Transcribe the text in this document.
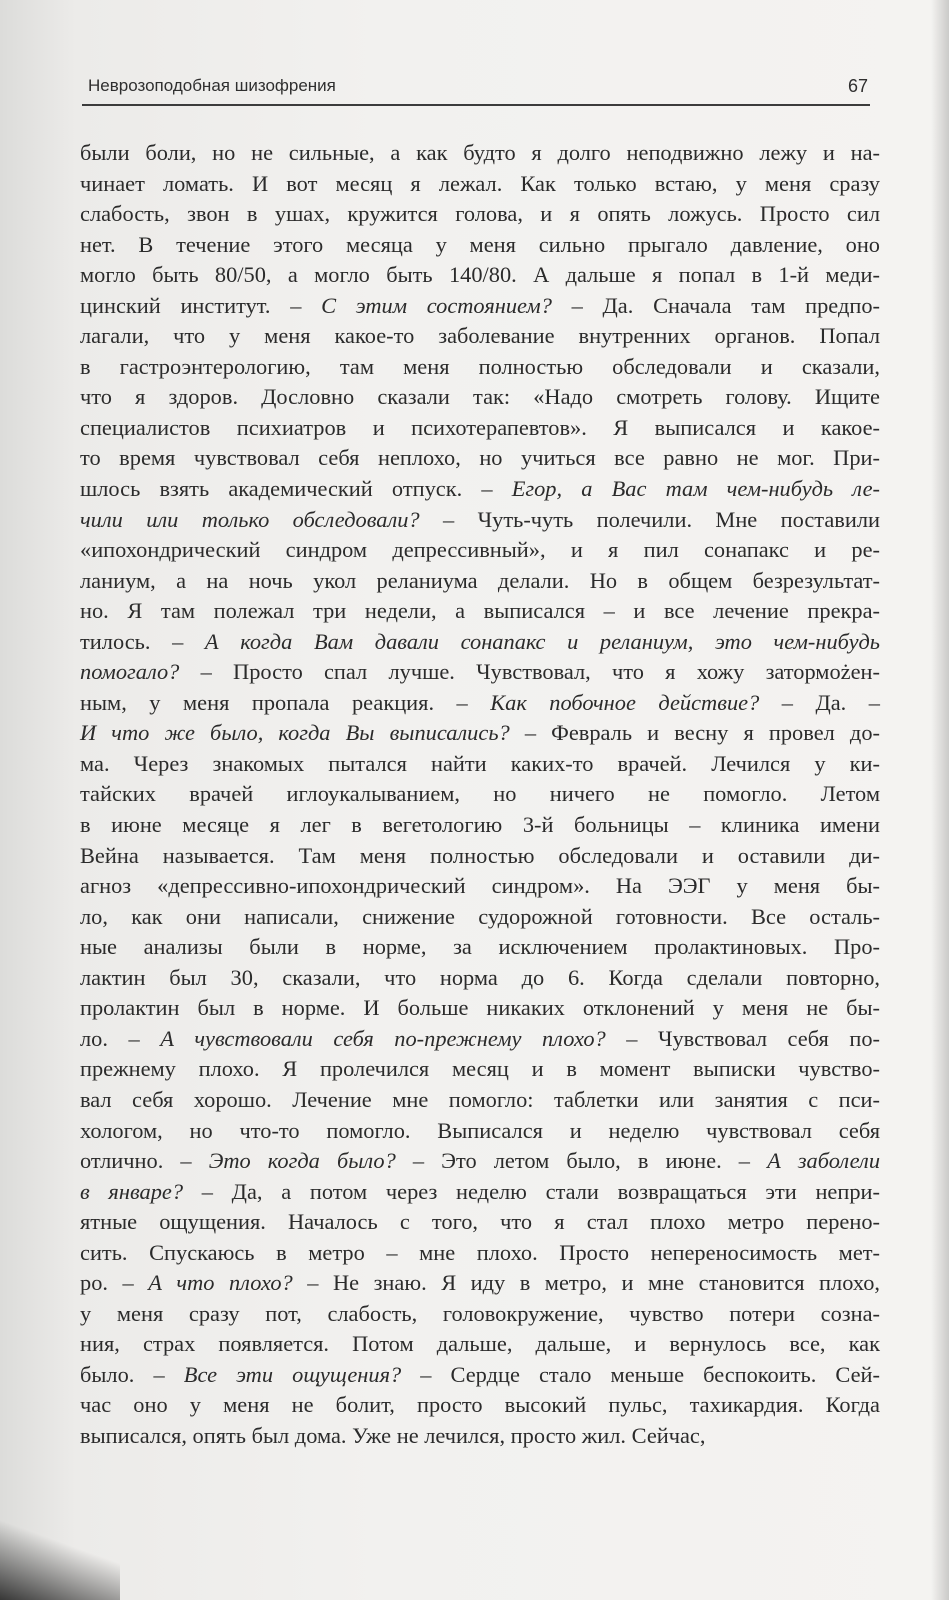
Неврозоподобная шизофрения	67
были боли, но не сильные, а как будто я долго неподвижно лежу и на-
чинает ломать. И вот месяц я лежал. Как только встаю, у меня сразу
слабость, звон в ушах, кружится голова, и я опять ложусь. Просто сил
нет. В течение этого месяца у меня сильно прыгало давление, оно
могло быть 80/50, а могло быть 140/80. А дальше я попал в 1-й меди-
цинский институт. – С этим состоянием? – Да. Сначала там предпо-
лагали, что у меня какое-то заболевание внутренних органов. Попал
в гастроэнтерологию, там меня полностью обследовали и сказали,
что я здоров. Дословно сказали так: «Надо смотреть голову. Ищите
специалистов психиатров и психотерапевтов». Я выписался и какое-
то время чувствовал себя неплохо, но учиться все равно не мог. При-
шлось взять академический отпуск. – Егор, а Вас там чем-нибудь ле-
чили или только обследовали? – Чуть-чуть полечили. Мне поставили
«ипохондрический синдром депрессивный», и я пил сонапакс и ре-
ланиум, а на ночь укол реланиума делали. Но в общем безрезультат-
но. Я там полежал три недели, а выписался – и все лечение прекра-
тилось. – А когда Вам давали сонапакс и реланиум, это чем-нибудь
помогало? – Просто спал лучше. Чувствовал, что я хожу затормożен-
ным, у меня пропала реакция. – Как побочное действие? – Да. –
И что же было, когда Вы выписались? – Февраль и весну я провел до-
ма. Через знакомых пытался найти каких-то врачей. Лечился у ки-
тайских врачей иглоукалыванием, но ничего не помогло. Летом
в июне месяце я лег в вегетологию 3-й больницы – клиника имени
Вейна называется. Там меня полностью обследовали и оставили ди-
агноз «депрессивно-ипохондрический синдром». На ЭЭГ у меня бы-
ло, как они написали, снижение судорожной готовности. Все осталь-
ные анализы были в норме, за исключением пролактиновых. Про-
лактин был 30, сказали, что норма до 6. Когда сделали повторно,
пролактин был в норме. И больше никаких отклонений у меня не бы-
ло. – А чувствовали себя по-прежнему плохо? – Чувствовал себя по-
прежнему плохо. Я пролечился месяц и в момент выписки чувство-
вал себя хорошо. Лечение мне помогло: таблетки или занятия с пси-
хологом, но что-то помогло. Выписался и неделю чувствовал себя
отлично. – Это когда было? – Это летом было, в июне. – А заболели
в январе? – Да, а потом через неделю стали возвращаться эти непри-
ятные ощущения. Началось с того, что я стал плохо метро перено-
сить. Спускаюсь в метро – мне плохо. Просто непереносимость мет-
ро. – А что плохо? – Не знаю. Я иду в метро, и мне становится плохо,
у меня сразу пот, слабость, головокружение, чувство потери созна-
ния, страх появляется. Потом дальше, дальше, и вернулось все, как
было. – Все эти ощущения? – Сердце стало меньше беспокоить. Сей-
час оно у меня не болит, просто высокий пульс, тахикардия. Когда
выписался, опять был дома. Уже не лечился, просто жил. Сейчас,
